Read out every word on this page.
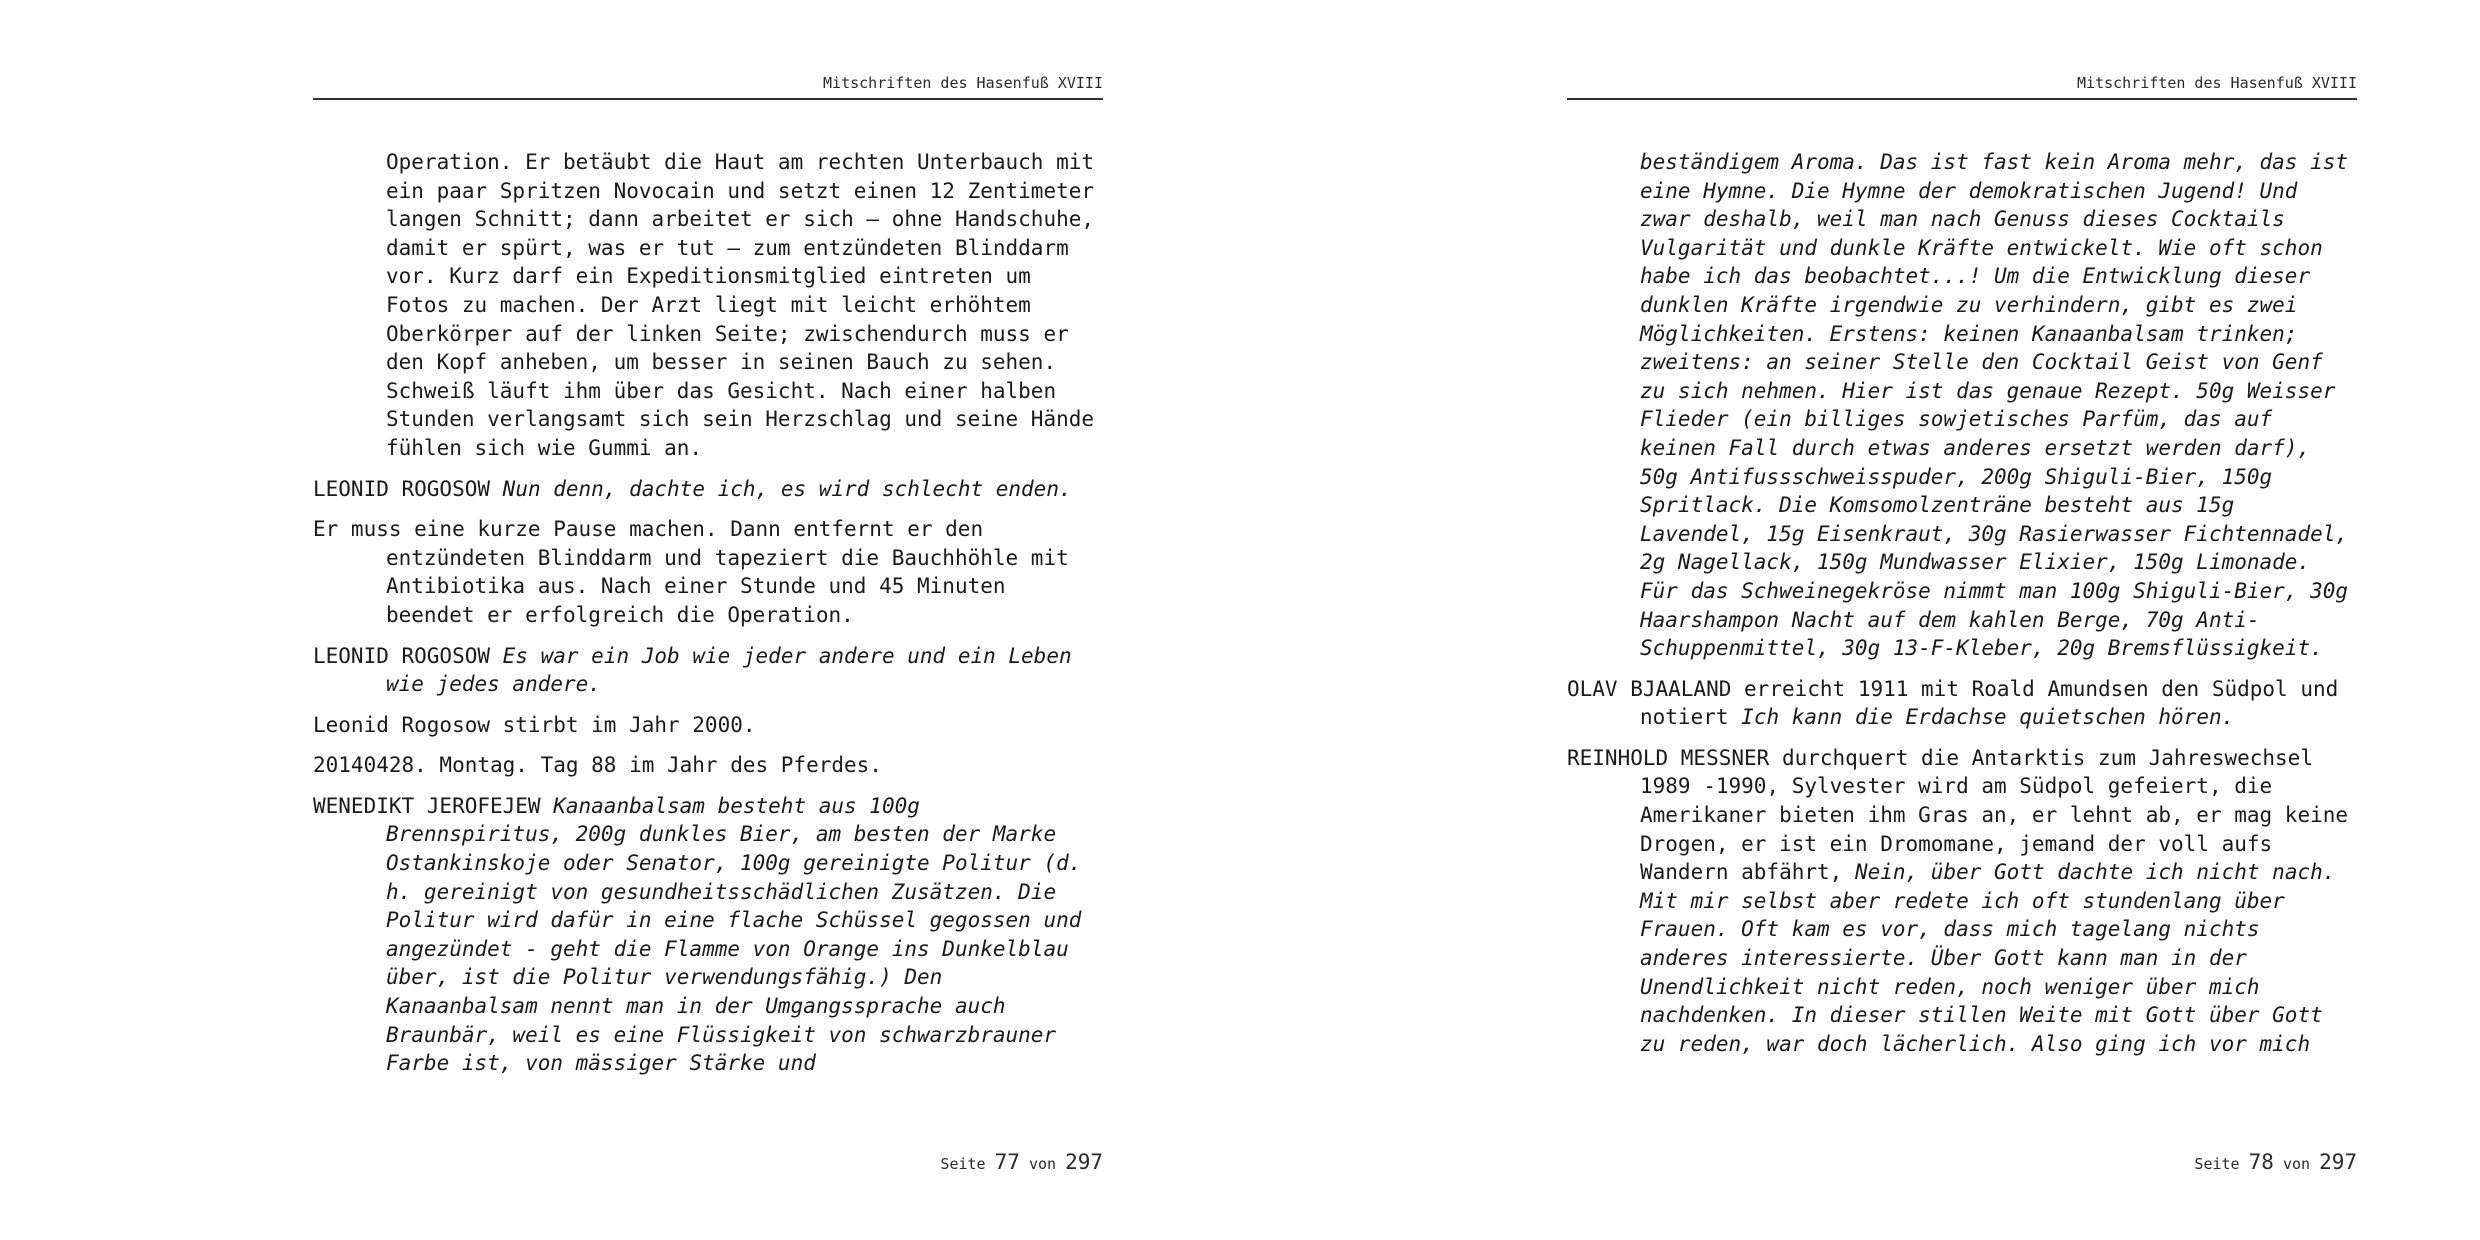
Mitschriften des Hasenfuß XVIII

Operation. Er betäubt die Haut am rechten Unterbauch mit ein paar Spritzen Novocain und setzt einen 12 Zentimeter langen Schnitt; dann arbeitet er sich – ohne Handschuhe, damit er spürt, was er tut – zum entzündeten Blinddarm vor. Kurz darf ein Expeditionsmitglied eintreten um Fotos zu machen. Der Arzt liegt mit leicht erhöhtem Oberkörper auf der linken Seite; zwischendurch muss er den Kopf anheben, um besser in seinen Bauch zu sehen. Schweiß läuft ihm über das Gesicht. Nach einer halben Stunden verlangsamt sich sein Herzschlag und seine Hände fühlen sich wie Gummi an.

LEONID ROGOSOW Nun denn, dachte ich, es wird schlecht enden.

Er muss eine kurze Pause machen. Dann entfernt er den entzündeten Blinddarm und tapeziert die Bauchhöhle mit Antibiotika aus. Nach einer Stunde und 45 Minuten beendet er erfolgreich die Operation.

LEONID ROGOSOW Es war ein Job wie jeder andere und ein Leben wie jedes andere.

Leonid Rogosow stirbt im Jahr 2000.

20140428. Montag. Tag 88 im Jahr des Pferdes.

WENEDIKT JEROFEJEW Kanaanbalsam besteht aus 100g Brennspiritus, 200g dunkles Bier, am besten der Marke Ostankinskoje oder Senator, 100g gereinigte Politur (d. h. gereinigt von gesundheitsschädlichen Zusätzen. Die Politur wird dafür in eine flache Schüssel gegossen und angezündet - geht die Flamme von Orange ins Dunkelblau über, ist die Politur verwendungsfähig.) Den Kanaanbalsam nennt man in der Umgangssprache auch Braunbär, weil es eine Flüssigkeit von schwarzbrauner Farbe ist, von mässiger Stärke und

Seite 77 von 297
Mitschriften des Hasenfuß XVIII

beständigem Aroma. Das ist fast kein Aroma mehr, das ist eine Hymne. Die Hymne der demokratischen Jugend! Und zwar deshalb, weil man nach Genuss dieses Cocktails Vulgarität und dunkle Kräfte entwickelt. Wie oft schon habe ich das beobachtet...! Um die Entwicklung dieser dunklen Kräfte irgendwie zu verhindern, gibt es zwei Möglichkeiten. Erstens: keinen Kanaanbalsam trinken; zweitens: an seiner Stelle den Cocktail Geist von Genf zu sich nehmen. Hier ist das genaue Rezept. 50g Weisser Flieder (ein billiges sowjetisches Parfüm, das auf keinen Fall durch etwas anderes ersetzt werden darf), 50g Antifussschweisspuder, 200g Shiguli-Bier, 150g Spritlack. Die Komsomolzenträne besteht aus 15g Lavendel, 15g Eisenkraut, 30g Rasierwasser Fichtennadel, 2g Nagellack, 150g Mundwasser Elixier, 150g Limonade. Für das Schweinegekröse nimmt man 100g Shiguli-Bier, 30g Haarshampon Nacht auf dem kahlen Berge, 70g Anti-Schuppenmittel, 30g 13-F-Kleber, 20g Bremsflüssigkeit.

OLAV BJAALAND erreicht 1911 mit Roald Amundsen den Südpol und notiert Ich kann die Erdachse quietschen hören.

REINHOLD MESSNER durchquert die Antarktis zum Jahreswechsel 1989 -1990, Sylvester wird am Südpol gefeiert, die Amerikaner bieten ihm Gras an, er lehnt ab, er mag keine Drogen, er ist ein Dromomane, jemand der voll aufs Wandern abfährt, Nein, über Gott dachte ich nicht nach. Mit mir selbst aber redete ich oft stundenlang über Frauen. Oft kam es vor, dass mich tagelang nichts anderes interessierte. Über Gott kann man in der Unendlichkeit nicht reden, noch weniger über mich nachdenken. In dieser stillen Weite mit Gott über Gott zu reden, war doch lächerlich. Also ging ich vor mich

Seite 78 von 297
